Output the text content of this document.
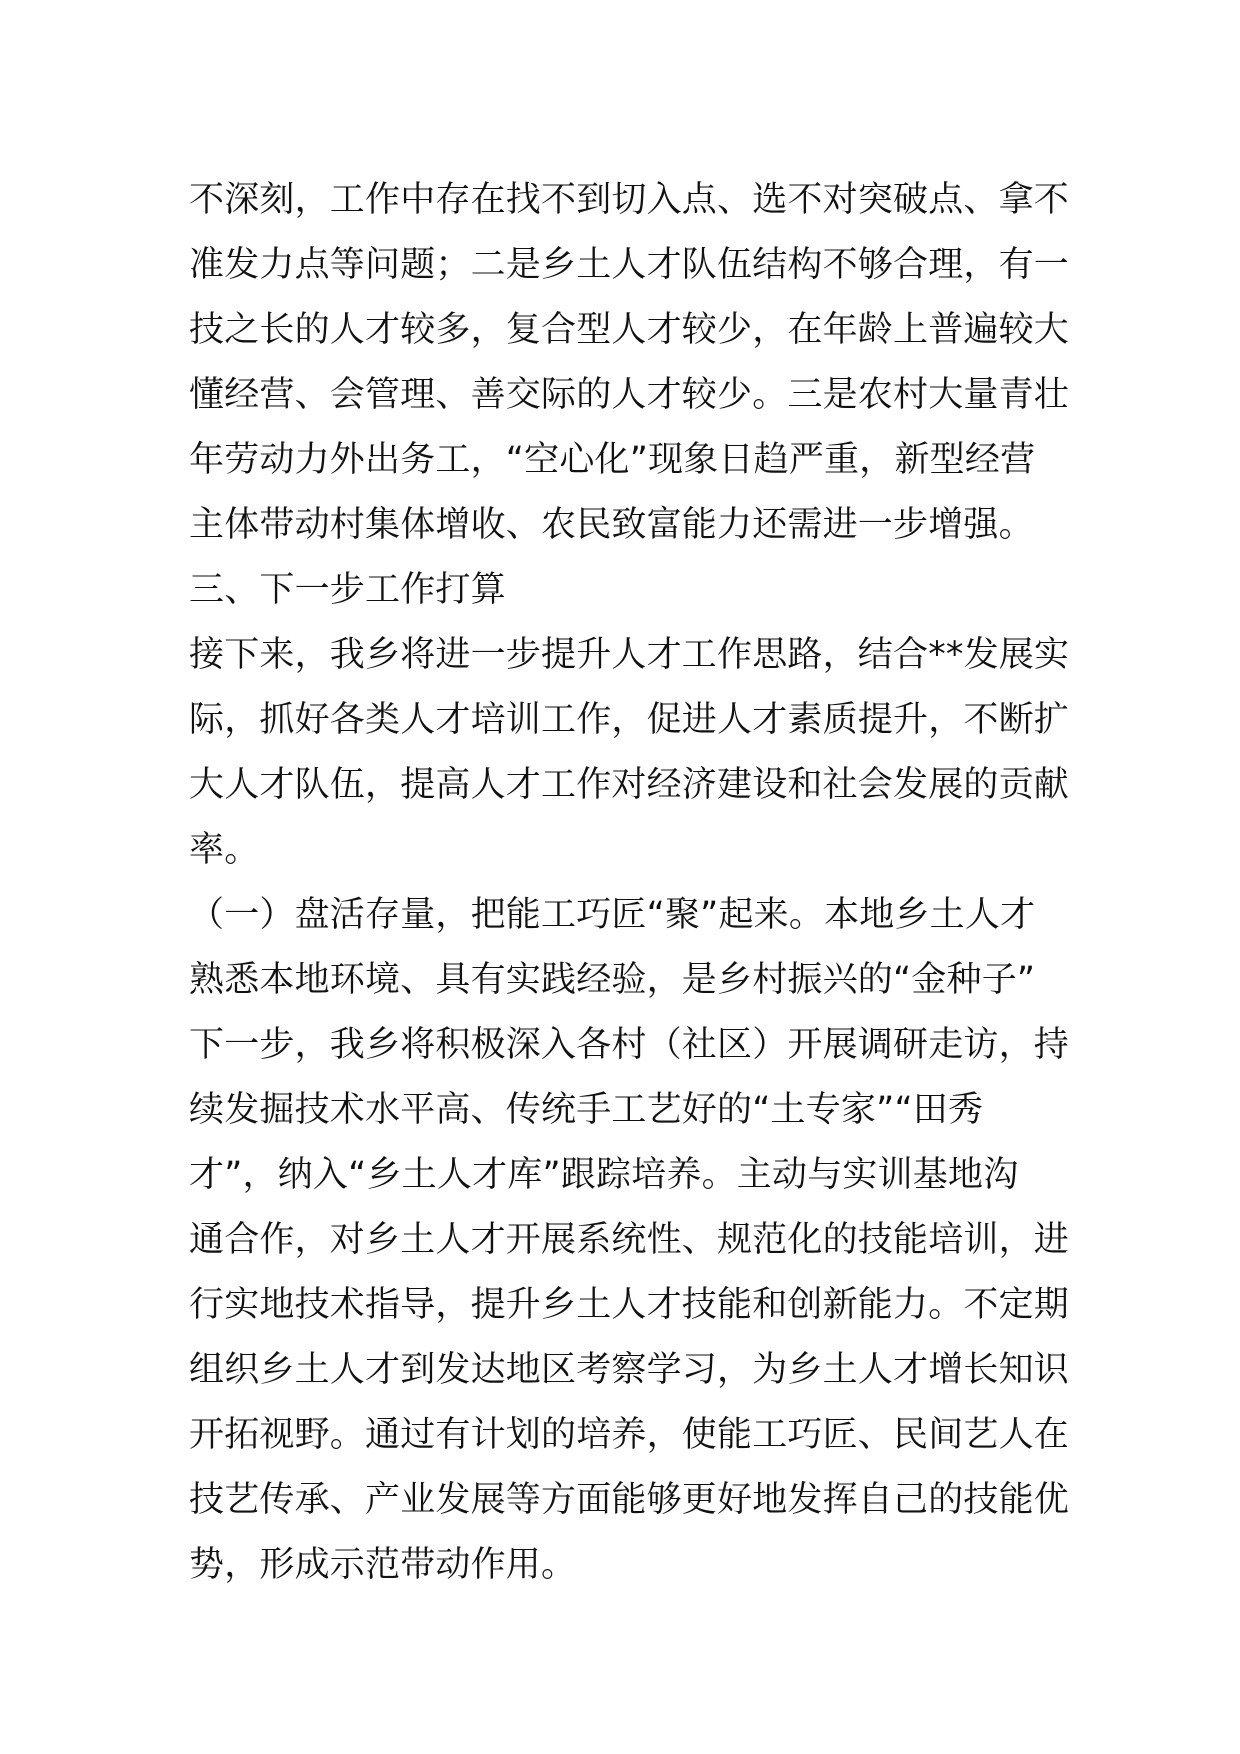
不深刻，工作中存在找不到切入点、选不对突破点、拿不
准发力点等问题；二是乡土人才队伍结构不够合理，有一
技之长的人才较多，复合型人才较少，在年龄上普遍较大
懂经营、会管理、善交际的人才较少。三是农村大量青壮
年劳动力外出务工，“空心化”现象日趋严重，新型经营
主体带动村集体增收、农民致富能力还需进一步增强。
三、下一步工作打算
接下来，我乡将进一步提升人才工作思路，结合**发展实
际，抓好各类人才培训工作，促进人才素质提升，不断扩
大人才队伍，提高人才工作对经济建设和社会发展的贡献
率。
（一）盘活存量，把能工巧匠“聚”起来。本地乡土人才
熟悉本地环境、具有实践经验，是乡村振兴的“金种子”
下一步，我乡将积极深入各村（社区）开展调研走访，持
续发掘技术水平高、传统手工艺好的“土专家”“田秀
才”，纳入“乡土人才库”跟踪培养。主动与实训基地沟
通合作，对乡土人才开展系统性、规范化的技能培训，进
行实地技术指导，提升乡土人才技能和创新能力。不定期
组织乡土人才到发达地区考察学习，为乡土人才增长知识
开拓视野。通过有计划的培养，使能工巧匠、民间艺人在
技艺传承、产业发展等方面能够更好地发挥自己的技能优
势，形成示范带动作用。
